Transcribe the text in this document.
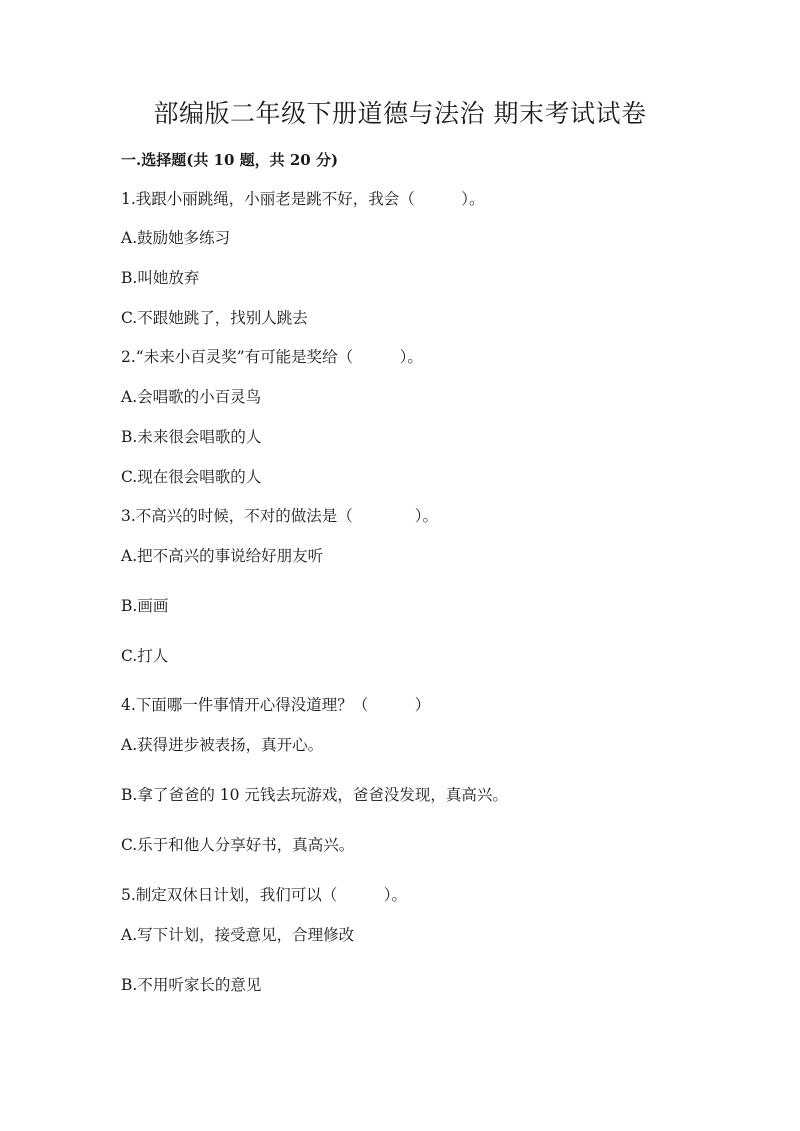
部编版二年级下册道德与法治 期末考试试卷
一.选择题(共 10 题，共 20 分)
1.我跟小丽跳绳，小丽老是跳不好，我会（　　　）。
A.鼓励她多练习
B.叫她放弃
C.不跟她跳了，找别人跳去
2.“未来小百灵奖”有可能是奖给（　　　）。
A.会唱歌的小百灵鸟
B.未来很会唱歌的人
C.现在很会唱歌的人
3.不高兴的时候，不对的做法是（　　　　）。
A.把不高兴的事说给好朋友听
B.画画
C.打人
4.下面哪一件事情开心得没道理？（　　　）
A.获得进步被表扬，真开心。
B.拿了爸爸的 10 元钱去玩游戏，爸爸没发现，真高兴。
C.乐于和他人分享好书，真高兴。
5.制定双休日计划，我们可以（　　　）。
A.写下计划，接受意见，合理修改
B.不用听家长的意见
